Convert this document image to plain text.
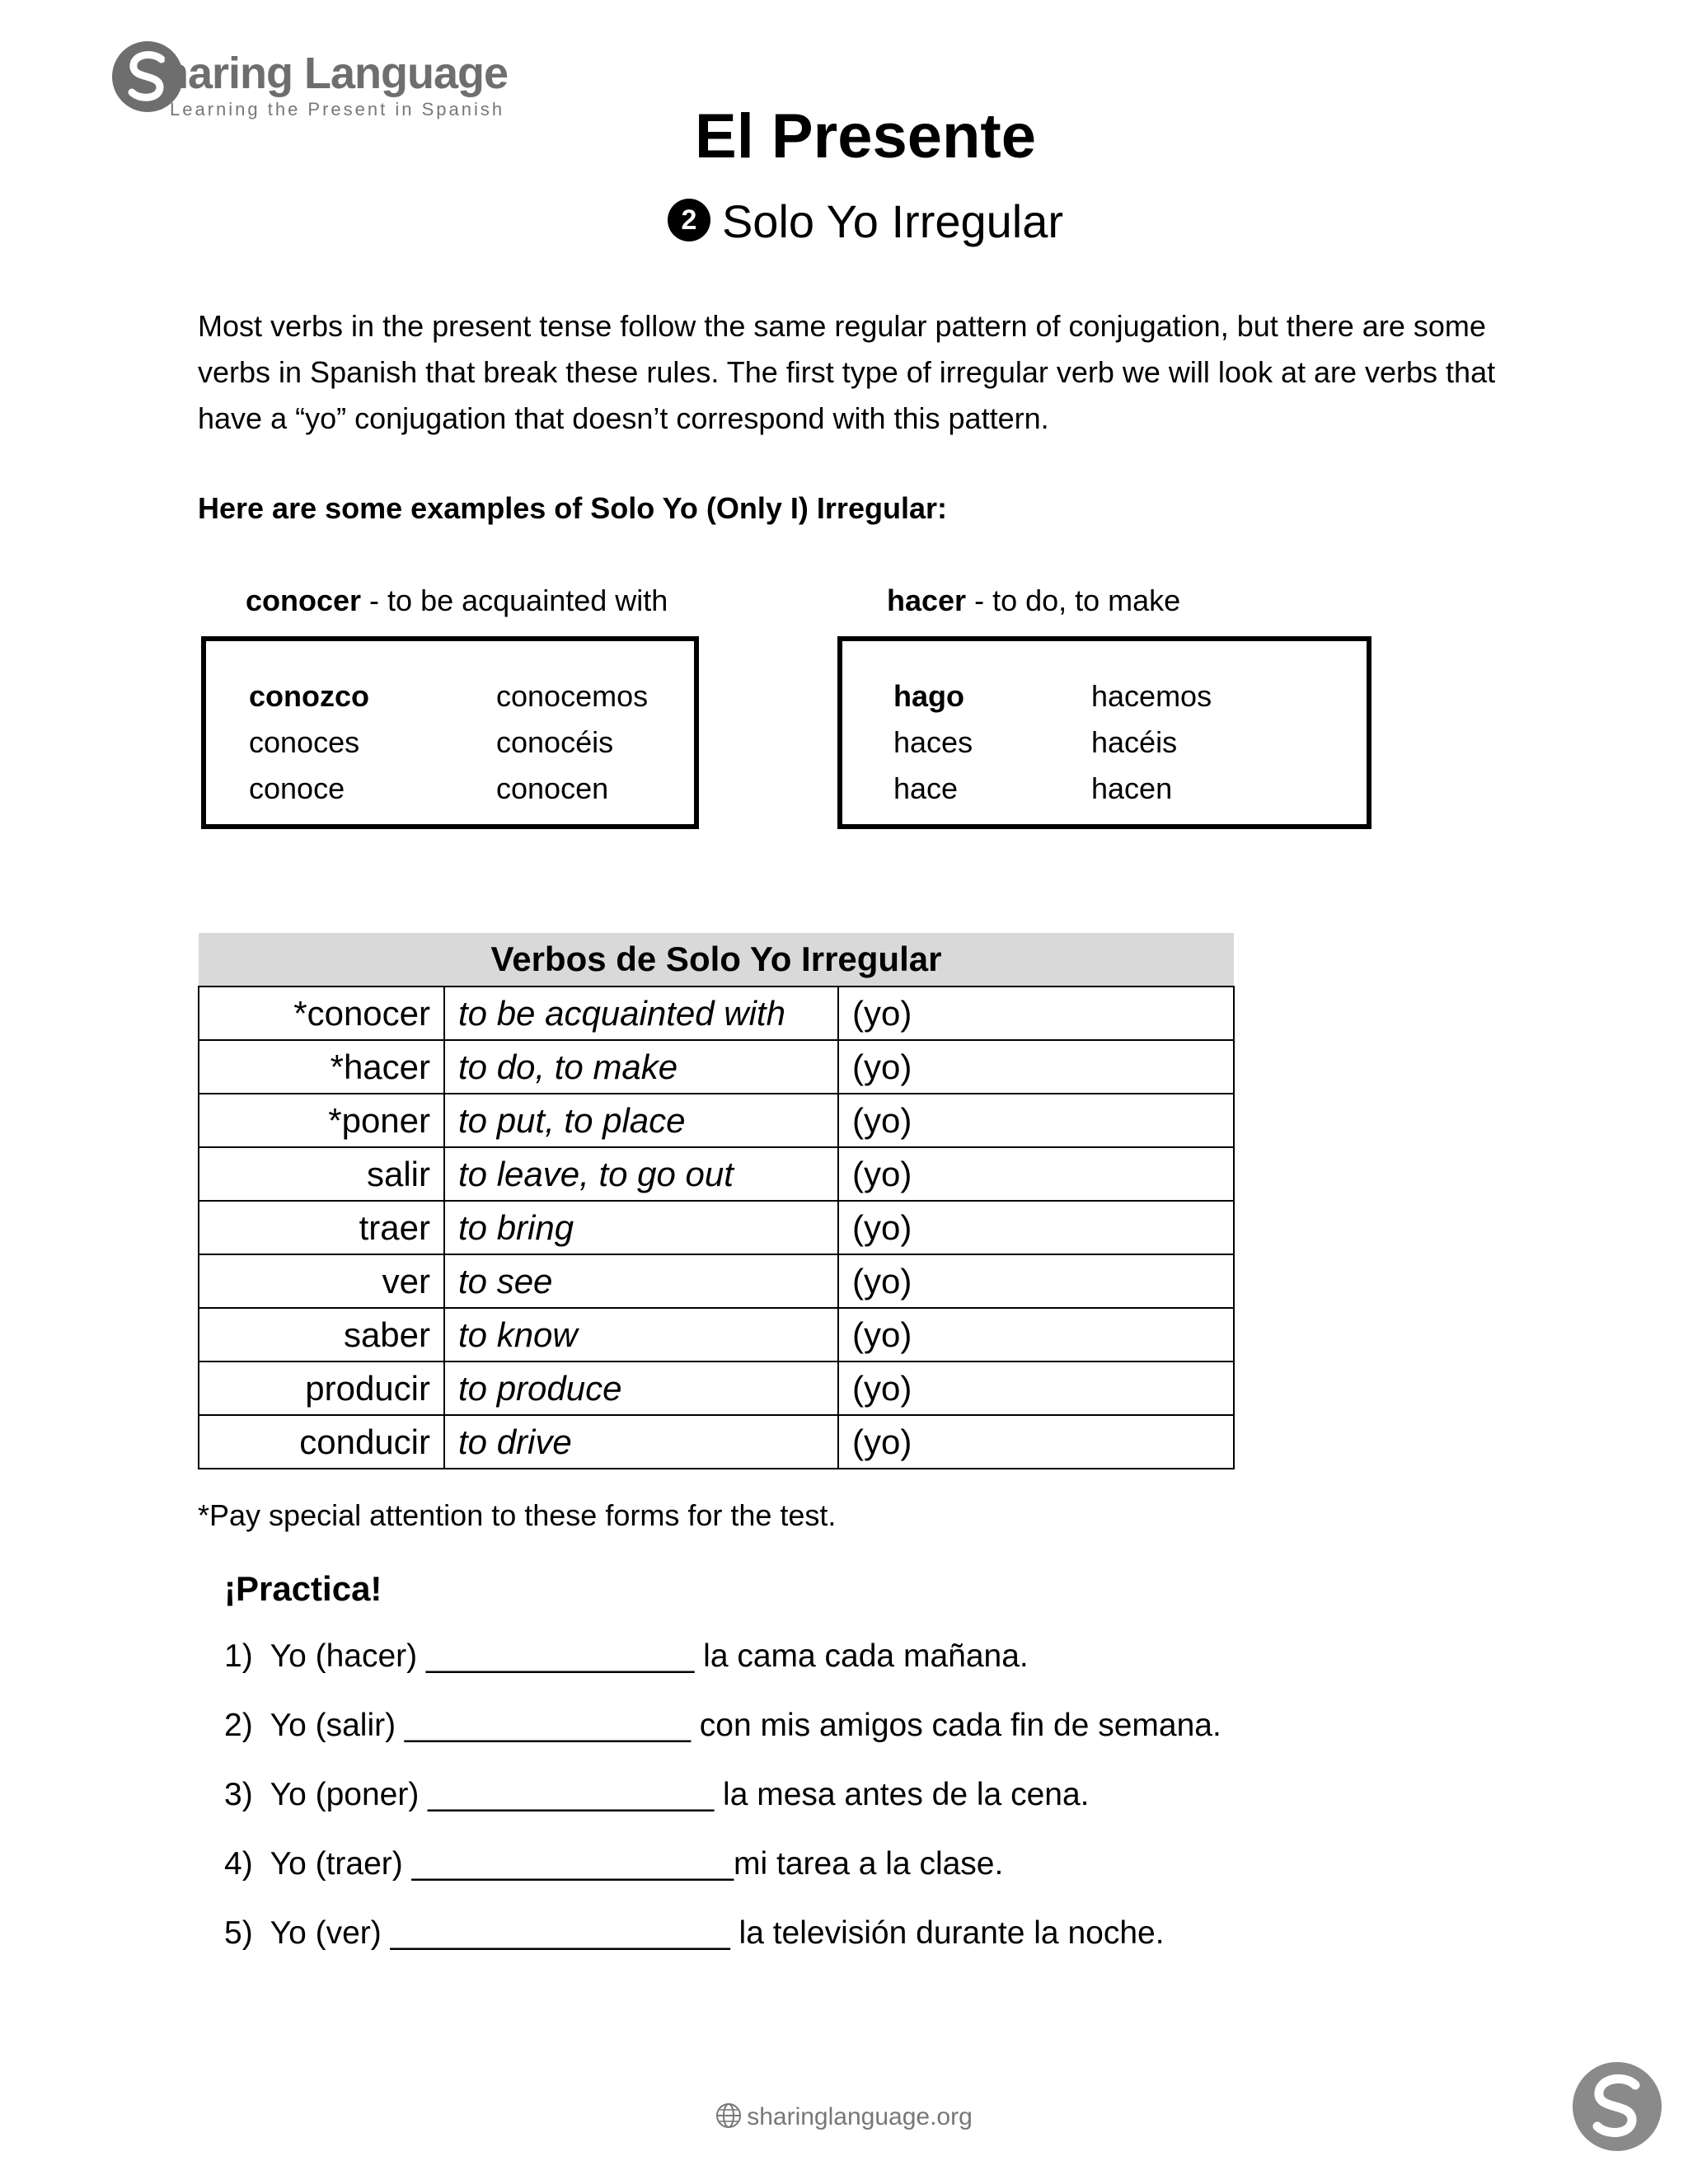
haring Language
Learning the Present in Spanish	El Presente
2 Solo Yo Irregular
Most verbs in the present tense follow the same regular pattern of conjugation, but there are some verbs in Spanish that break these rules. The first type of irregular verb we will look at are verbs that have a “yo” conjugation that doesn’t correspond with this pattern.
Here are some examples of Solo Yo (Only I) Irregular:
conocer - to be acquainted with
conozco	conocemos
conoces	conocéis
conoce	conocen
hacer - to do, to make
hago	hacemos
haces	hacéis
hace	hacen
Verbos de Solo Yo Irregular		
*conocer	to be acquainted with	(yo)
*hacer	to do, to make	(yo)
*poner	to put, to place	(yo)
salir	to leave, to go out	(yo)
traer	to bring	(yo)
ver	to see	(yo)
saber	to know	(yo)
producir	to produce	(yo)
conducir	to drive	(yo)
*Pay special attention to these forms for the test.
¡Practica!
1)  Yo (hacer) _______________ la cama cada mañana.
2)  Yo (salir) ________________ con mis amigos cada fin de semana.
3)  Yo (poner) ________________ la mesa antes de la cena.
4)  Yo (traer) __________________mi tarea a la clase.
5)  Yo (ver) ___________________ la televisión durante la noche.
sharinglanguage.org
